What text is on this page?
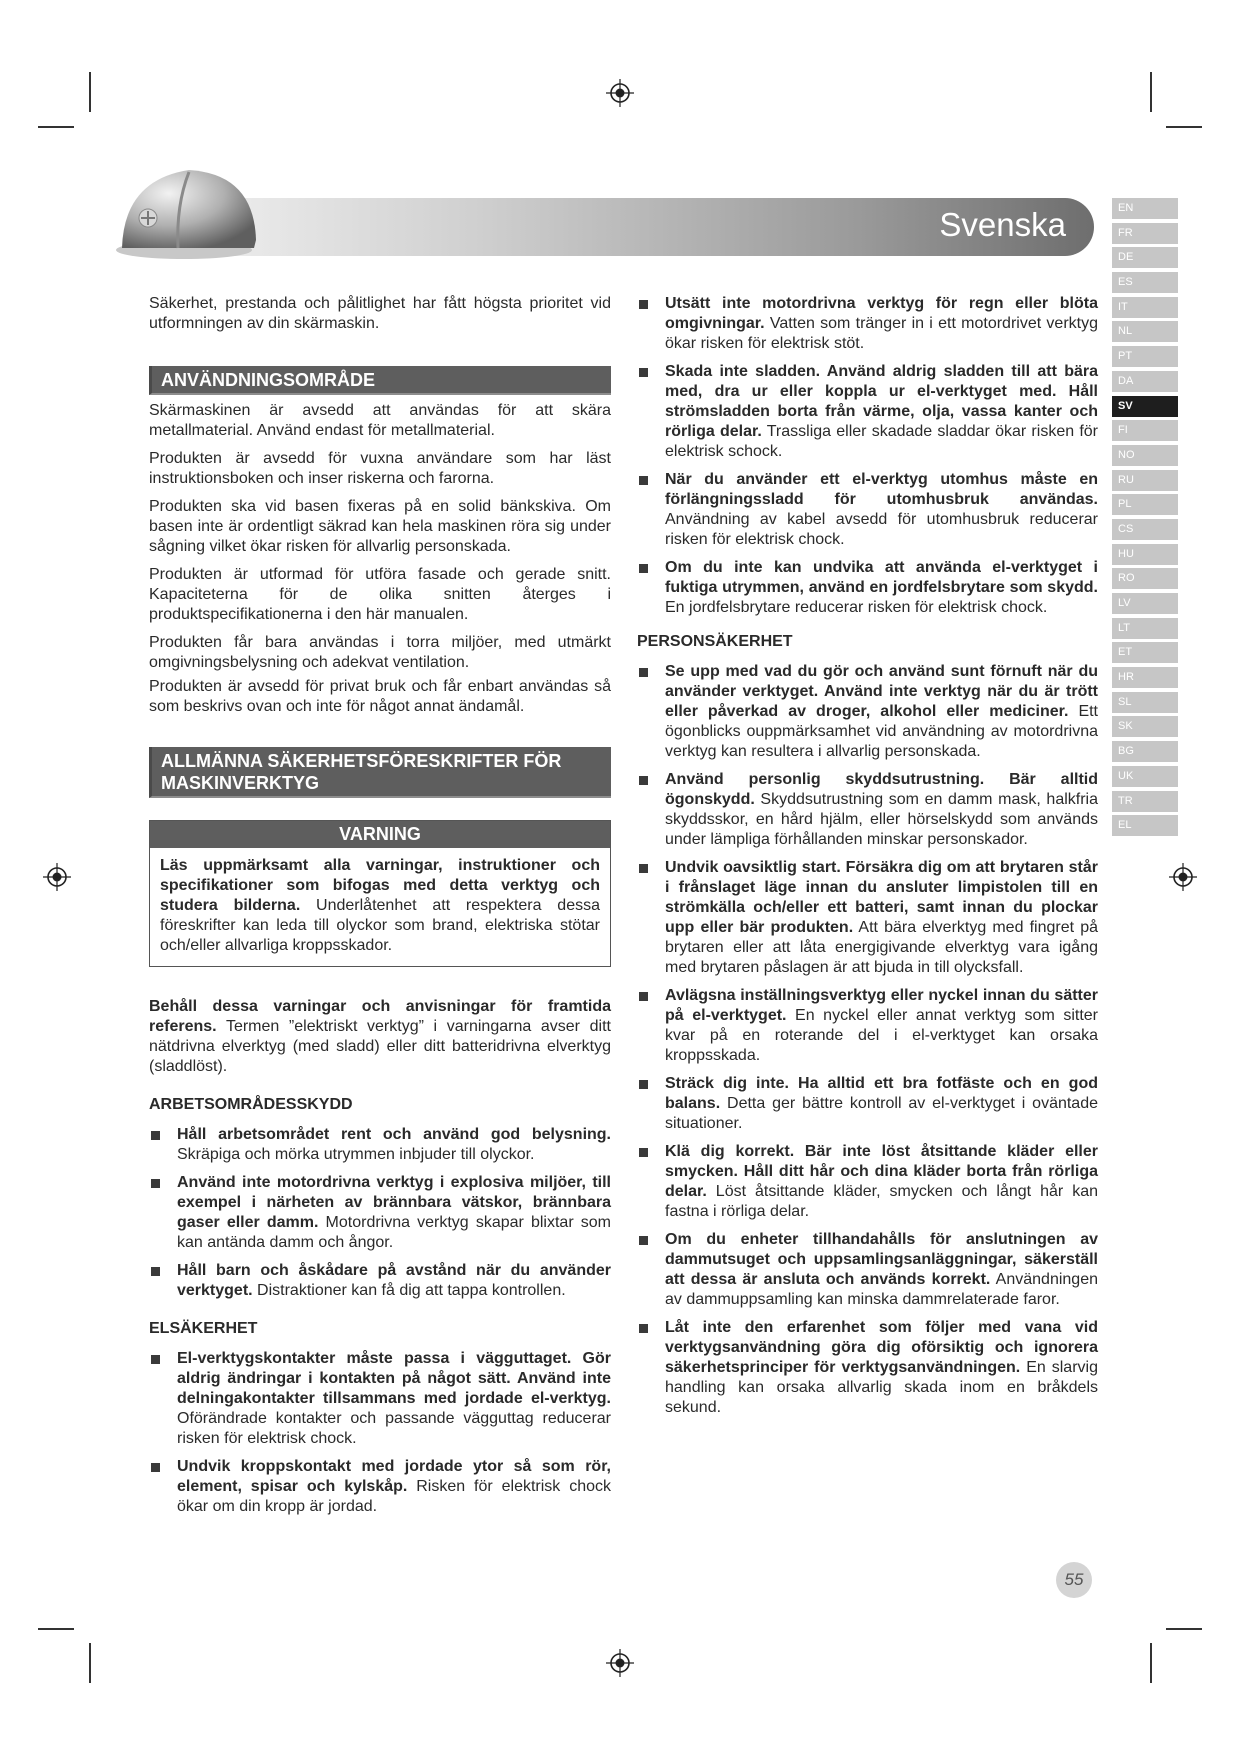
Svenska	EN
FR
DE
ES
IT
NL
PT
DA
SV
FI
NO
RU
PL
CS
HU
RO
LV
LT
ET
HR
SL
SK
BG
UK
TR
EL

Säkerhet, prestanda och pålitlighet har fått högsta prioritet vid utformningen av din skärmaskin.

ANVÄNDNINGSOMRÅDE

Skärmaskinen är avsedd att användas för att skära metallmaterial. Använd endast för metallmaterial.

Produkten är avsedd för vuxna användare som har läst instruktionsboken och inser riskerna och farorna.

Produkten ska vid basen fixeras på en solid bänkskiva. Om basen inte är ordentligt säkrad kan hela maskinen röra sig under sågning vilket ökar risken för allvarlig personskada.

Produkten är utformad för utföra fasade och gerade snitt. Kapaciteterna för de olika snitten återges i produktspecifikationerna i den här manualen.

Produkten får bara användas i torra miljöer, med utmärkt omgivningsbelysning och adekvat ventilation.

Produkten är avsedd för privat bruk och får enbart användas så som beskrivs ovan och inte för något annat ändamål.

ALLMÄNNA SÄKERHETSFÖRESKRIFTER FÖR MASKINVERKTYG
VARNING
Läs uppmärksamt alla varningar, instruktioner och specifikationer som bifogas med detta verktyg och studera bilderna. Underlåtenhet att respektera dessa föreskrifter kan leda till olyckor som brand, elektriska stötar och/eller allvarliga kroppsskador.

Behåll dessa varningar och anvisningar för framtida referens. Termen ”elektriskt verktyg” i varningarna avser ditt nätdrivna elverktyg (med sladd) eller ditt batteridrivna elverktyg (sladdlöst).

ARBETSOMRÅDESSKYDD
Håll arbetsområdet rent och använd god belysning. Skräpiga och mörka utrymmen inbjuder till olyckor.
Använd inte motordrivna verktyg i explosiva miljöer, till exempel i närheten av brännbara vätskor, brännbara gaser eller damm. Motordrivna verktyg skapar blixtar som kan antända damm och ångor.
Håll barn och åskådare på avstånd när du använder verktyget. Distraktioner kan få dig att tappa kontrollen.
ELSÄKERHET
El-verktygskontakter måste passa i vägguttaget. Gör aldrig ändringar i kontakten på något sätt. Använd inte delningakontakter tillsammans med jordade el-verktyg. Oförändrade kontakter och passande vägguttag reducerar risken för elektrisk chock.
Undvik kroppskontakt med jordade ytor så som rör, element, spisar och kylskåp. Risken för elektrisk chock ökar om din kropp är jordad.
Utsätt inte motordrivna verktyg för regn eller blöta omgivningar. Vatten som tränger in i ett motordrivet verktyg ökar risken för elektrisk stöt.
Skada inte sladden. Använd aldrig sladden till att bära med, dra ur eller koppla ur el-verktyget med. Håll strömsladden borta från värme, olja, vassa kanter och rörliga delar. Trassliga eller skadade sladdar ökar risken för elektrisk schock.
När du använder ett el-verktyg utomhus måste en förlängningssladd för utomhusbruk användas. Användning av kabel avsedd för utomhusbruk reducerar risken för elektrisk chock.
Om du inte kan undvika att använda el-verktyget i fuktiga utrymmen, använd en jordfelsbrytare som skydd. En jordfelsbrytare reducerar risken för elektrisk chock.
PERSONSÄKERHET
Se upp med vad du gör och använd sunt förnuft när du använder verktyget. Använd inte verktyg när du är trött eller påverkad av droger, alkohol eller mediciner. Ett ögonblicks ouppmärksamhet vid användning av motordrivna verktyg kan resultera i allvarlig personskada.
Använd personlig skyddsutrustning. Bär alltid ögonskydd. Skyddsutrustning som en damm mask, halkfria skyddsskor, en hård hjälm, eller hörselskydd som används under lämpliga förhållanden minskar personskador.
Undvik oavsiktlig start. Försäkra dig om att brytaren står i frånslaget läge innan du ansluter limpistolen till en strömkälla och/eller ett batteri, samt innan du plockar upp eller bär produkten. Att bära elverktyg med fingret på brytaren eller att låta energigivande elverktyg vara igång med brytaren påslagen är att bjuda in till olycksfall.
Avlägsna inställningsverktyg eller nyckel innan du sätter på el-verktyget. En nyckel eller annat verktyg som sitter kvar på en roterande del i el-verktyget kan orsaka kroppsskada.
Sträck dig inte. Ha alltid ett bra fotfäste och en god balans. Detta ger bättre kontroll av el-verktyget i oväntade situationer.
Klä dig korrekt. Bär inte löst åtsittande kläder eller smycken. Håll ditt hår och dina kläder borta från rörliga delar. Löst åtsittande kläder, smycken och långt hår kan fastna i rörliga delar.
Om du enheter tillhandahålls för anslutningen av dammutsuget och uppsamlingsanläggningar, säkerställ att dessa är ansluta och används korrekt. Användningen av dammuppsamling kan minska dammrelaterade faror.
Låt inte den erfarenhet som följer med vana vid verktygsanvändning göra dig oförsiktig och ignorera säkerhetsprinciper för verktygsanvändningen. En slarvig handling kan orsaka allvarlig skada inom en bråkdels sekund.
55
